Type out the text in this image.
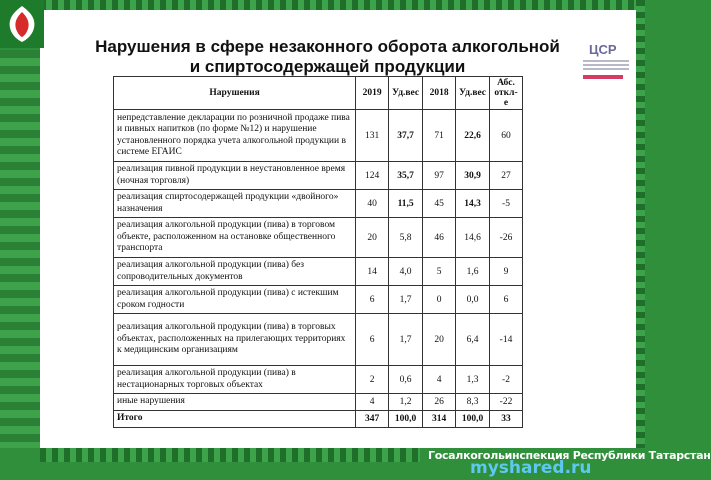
Нарушения в сфере незаконного оборота алкогольной
и спиртосодержащей продукции
ЦСР
Нарушения	2019	Уд.вес	2018	Уд.вес	Абс. откл-е
непредставление декларации по розничной продаже пива и пивных напитков (по форме №12) и нарушение установленного порядка учета алкогольной продукции в системе ЕГАИС	131	37,7	71	22,6	60
реализация пивной продукции в неустановленное время (ночная торговля)	124	35,7	97	30,9	27
реализация спиртосодержащей продукции «двойного» назначения	40	11,5	45	14,3	-5
реализация алкогольной продукции (пива) в торговом объекте, расположенном на остановке общественного транспорта	20	5,8	46	14,6	-26
реализация алкогольной продукции (пива) без сопроводительных документов	14	4,0	5	1,6	9
реализация алкогольной продукции (пива) с истекшим сроком годности	6	1,7	0	0,0	6
реализация алкогольной продукции (пива) в торговых объектах, расположенных на прилегающих территориях к медицинским организациям	6	1,7	20	6,4	-14
реализация алкогольной продукции (пива) в нестационарных торговых объектах	2	0,6	4	1,3	-2
иные нарушения	4	1,2	26	8,3	-22
Итого	347	100,0	314	100,0	33
Госалкогольинспекция Республики Татарстан
myshared.ru
